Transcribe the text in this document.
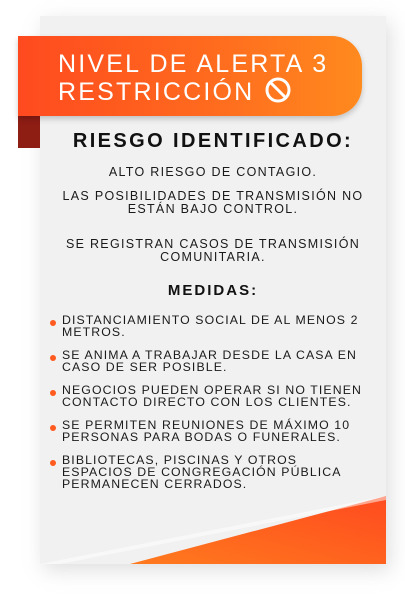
NIVEL DE ALERTA 3
RESTRICCIÓN
RIESGO IDENTIFICADO:
ALTO RIESGO DE CONTAGIO.
LAS POSIBILIDADES DE TRANSMISIÓN NO ESTÁN BAJO CONTROL.
SE REGISTRAN CASOS DE TRANSMISIÓN COMUNITARIA.
MEDIDAS:
DISTANCIAMIENTO SOCIAL DE AL MENOS 2 METROS.
SE ANIMA A TRABAJAR DESDE LA CASA EN CASO DE SER POSIBLE.
NEGOCIOS PUEDEN OPERAR SI NO TIENEN CONTACTO DIRECTO CON LOS CLIENTES.
SE PERMITEN REUNIONES DE MÁXIMO 10 PERSONAS PARA BODAS O FUNERALES.
BIBLIOTECAS, PISCINAS Y OTROS ESPACIOS DE CONGREGACIÓN PÚBLICA PERMANECEN CERRADOS.
